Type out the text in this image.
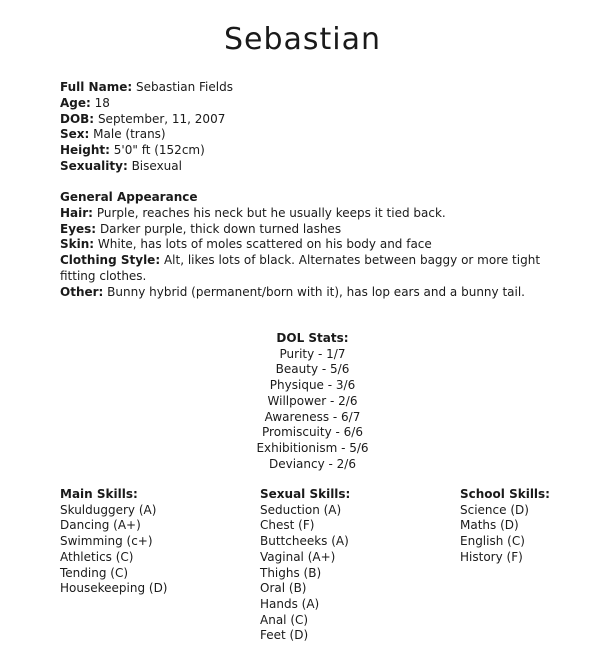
Sebastian
Full Name: Sebastian Fields
Age: 18
DOB: September, 11, 2007
Sex: Male (trans)
Height: 5'0" ft (152cm)
Sexuality: Bisexual
General Appearance
Hair: Purple, reaches his neck but he usually keeps it tied back.
Eyes: Darker purple, thick down turned lashes
Skin: White, has lots of moles scattered on his body and face
Clothing Style: Alt, likes lots of black. Alternates between baggy or more tight fitting clothes.
Other: Bunny hybrid (permanent/born with it), has lop ears and a bunny tail.
DOL Stats:
Purity - 1/7
Beauty - 5/6
Physique - 3/6
Willpower - 2/6
Awareness - 6/7
Promiscuity - 6/6
Exhibitionism - 5/6
Deviancy - 2/6
Main Skills:
Skulduggery (A)
Dancing (A+)
Swimming (c+)
Athletics (C)
Tending (C)
Housekeeping (D)
Sexual Skills:
Seduction (A)
Chest (F)
Buttcheeks (A)
Vaginal (A+)
Thighs (B)
Oral (B)
Hands (A)
Anal (C)
Feet (D)
School Skills:
Science (D)
Maths (D)
English (C)
History (F)
